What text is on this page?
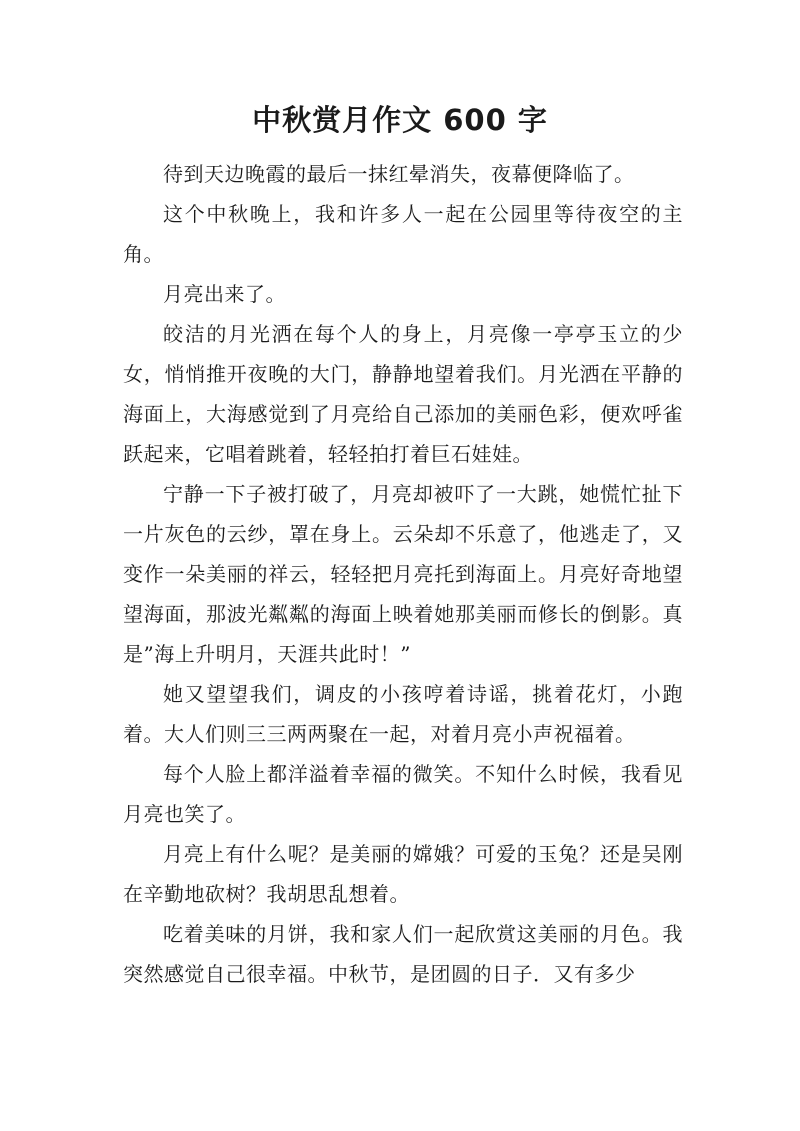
中秋赏月作文 600 字

待到天边晚霞的最后一抹红晕消失，夜幕便降临了。

这个中秋晚上，我和许多人一起在公园里等待夜空的主角。

月亮出来了。

皎洁的月光洒在每个人的身上，月亮像一亭亭玉立的少女，悄悄推开夜晚的大门，静静地望着我们。月光洒在平静的海面上，大海感觉到了月亮给自己添加的美丽色彩，便欢呼雀跃起来，它唱着跳着，轻轻拍打着巨石娃娃。

宁静一下子被打破了，月亮却被吓了一大跳，她慌忙扯下一片灰色的云纱，罩在身上。云朵却不乐意了，他逃走了，又变作一朵美丽的祥云，轻轻把月亮托到海面上。月亮好奇地望望海面，那波光粼粼的海面上映着她那美丽而修长的倒影。真是”海上升明月，天涯共此时！”

她又望望我们，调皮的小孩哼着诗谣，挑着花灯，小跑着。大人们则三三两两聚在一起，对着月亮小声祝福着。

每个人脸上都洋溢着幸福的微笑。不知什么时候，我看见月亮也笑了。

月亮上有什么呢？是美丽的嫦娥？可爱的玉兔？还是吴刚在辛勤地砍树？我胡思乱想着。

吃着美味的月饼，我和家人们一起欣赏这美丽的月色。我突然感觉自己很幸福。中秋节，是团圆的日子．又有多少
